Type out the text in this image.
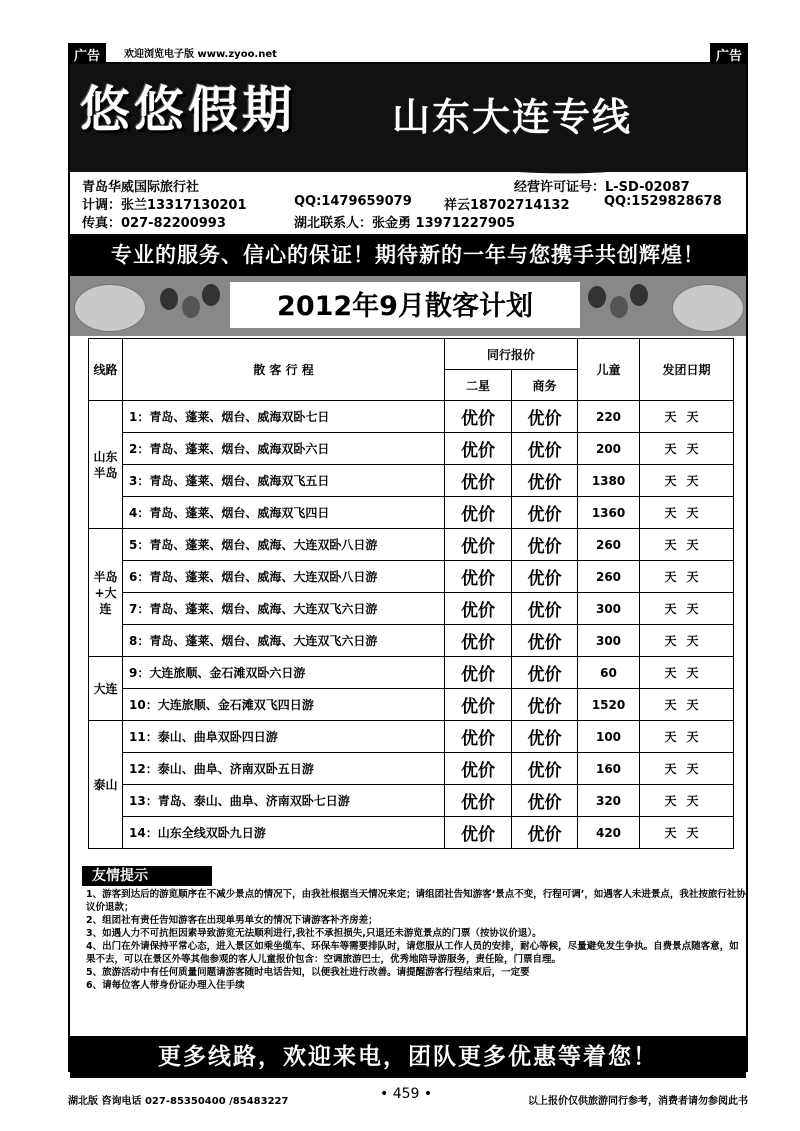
广告	欢迎浏览电子版 www.zyoo.net	广告
悠悠假期	山东大连专线
青岛华威国际旅行社	经营许可证号：L-SD-02087
计调：张兰13317130201	QQ:1479659079 祥云18702714132	QQ:1529828678
传真：027-82200993	湖北联系人：张金勇 13971227905
专业的服务、信心的保证！期待新的一年与您携手共创辉煌！
2012年9月散客计划
线路	散 客 行 程	同行报价		儿童	发团日期
		二星	商务		
山东半岛	1：青岛、蓬莱、烟台、威海双卧七日	优价	优价	220	天天
	2：青岛、蓬莱、烟台、威海双卧六日	优价	优价	200	天天
	3：青岛、蓬莱、烟台、威海双飞五日	优价	优价	1380	天天
	4：青岛、蓬莱、烟台、威海双飞四日	优价	优价	1360	天天
半岛+大连	5：青岛、蓬莱、烟台、威海、大连双卧八日游	优价	优价	260	天天
	6：青岛、蓬莱、烟台、威海、大连双卧八日游	优价	优价	260	天天
	7：青岛、蓬莱、烟台、威海、大连双飞六日游	优价	优价	300	天天
	8：青岛、蓬莱、烟台、威海、大连双飞六日游	优价	优价	300	天天
大连	9：大连旅顺、金石滩双卧六日游	优价	优价	60	天天
	10：大连旅顺、金石滩双飞四日游	优价	优价	1520	天天
泰山	11：泰山、曲阜双卧四日游	优价	优价	100	天天
	12：泰山、曲阜、济南双卧五日游	优价	优价	160	天天
	13：青岛、泰山、曲阜、济南双卧七日游	优价	优价	320	天天
	14：山东全线双卧九日游	优价	优价	420	天天
友情提示

1、游客到达后的游览顺序在不减少景点的情况下，由我社根据当天情况来定；请组团社告知游客‘景点不变，行程可调’，如遇客人未进景点，我社按旅行社协议价退款；

2、组团社有责任告知游客在出现单男单女的情况下请游客补齐房差；

3、如遇人力不可抗拒因素导致游览无法顺利进行,我社不承担损失,只退还未游览景点的门票（按协议价退）。

4、出门在外请保持平常心态，进入景区如乘坐缆车、环保车等需要排队时，请您服从工作人员的安排，耐心等候，尽量避免发生争执。自费景点随客意，如果不去，可以在景区外等其他参观的客人儿童报价包含：空调旅游巴士，优秀地陪导游服务，责任险，门票自理。

5、旅游活动中有任何质量问题请游客随时电话告知，以便我社进行改善。请提醒游客行程结束后，一定要

6、请每位客人带身份证办理入住手续

更多线路，欢迎来电，团队更多优惠等着您！
湖北版 咨询电话 027-85350400 /85483227	• 459 •	以上报价仅供旅游同行参考，消费者请勿参阅此书
